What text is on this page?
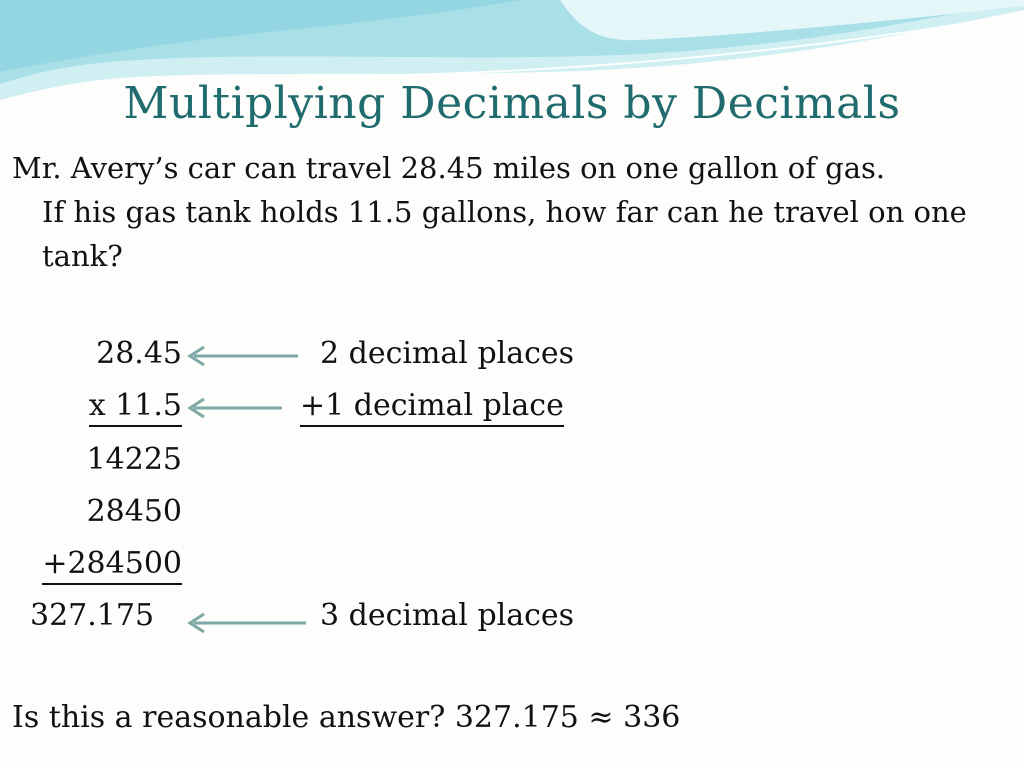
Multiplying Decimals by Decimals

Mr. Avery’s car can travel 28.45 miles on one gallon of gas.
If his gas tank holds 11.5 gallons, how far can he travel on one tank?

28.45
x 11.5
14225
28450
+284500
327.175
2 decimal places
+1 decimal place
3 decimal places
Is this a reasonable answer? 327.175 ≈ 336
